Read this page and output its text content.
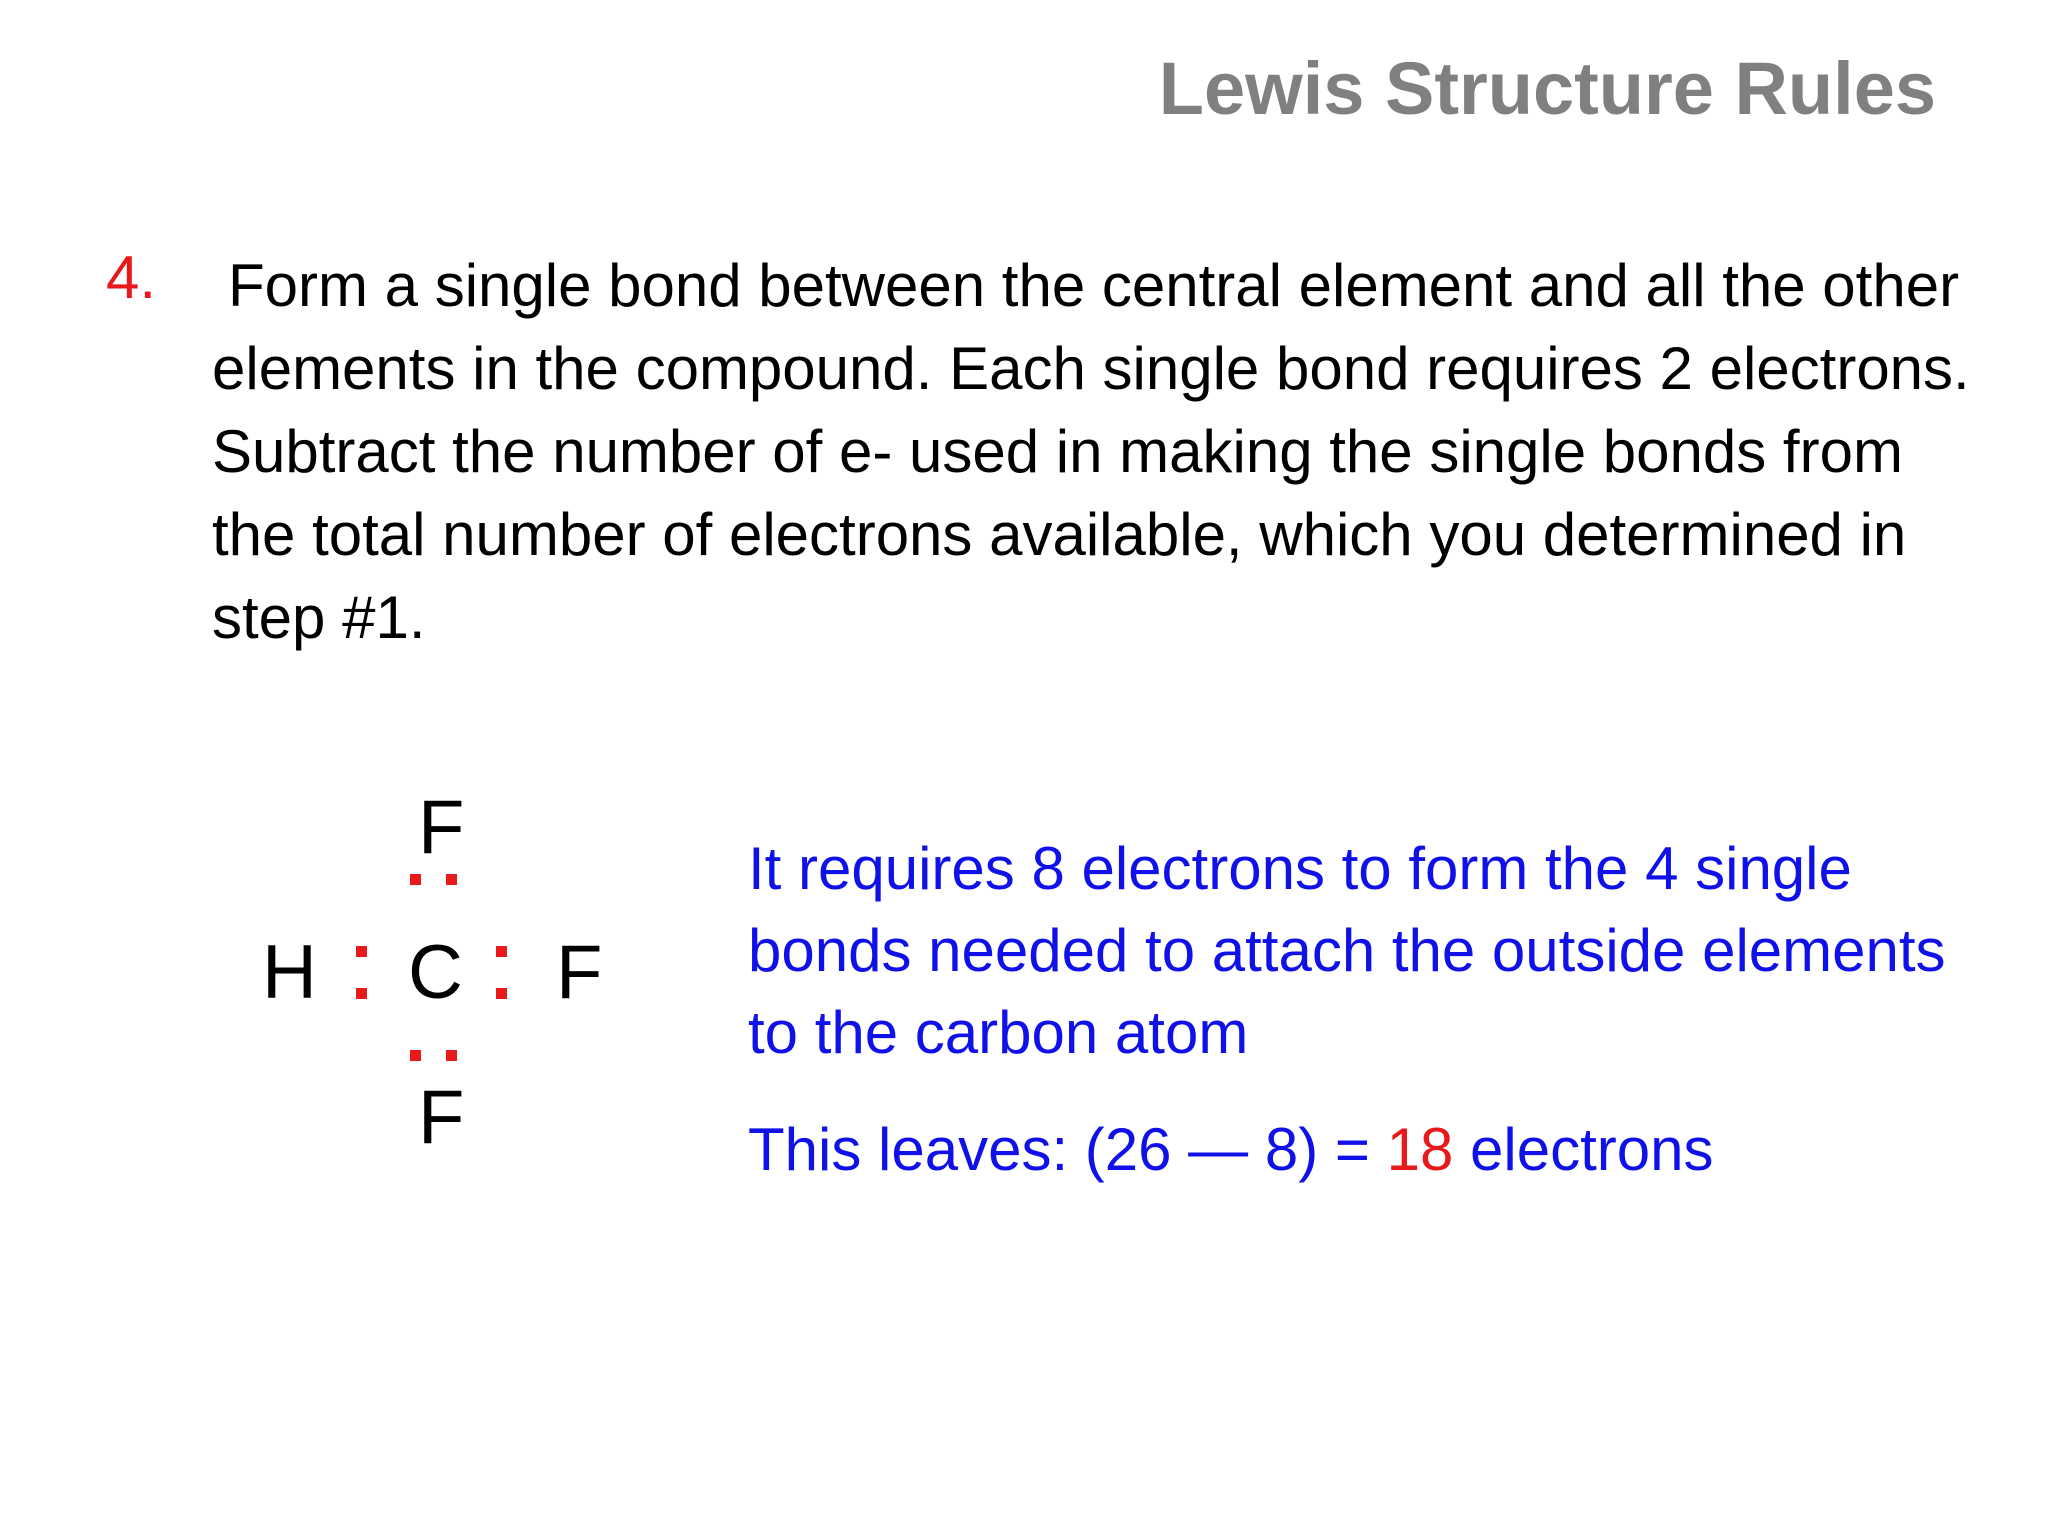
Lewis Structure Rules
4. Form a single bond between the central element and all the other elements in the compound. Each single bond requires 2 electrons. Subtract the number of e- used in making the single bonds from the total number of electrons available, which you determined in step #1.

F
H C F
F

It requires 8 electrons to form the 4 single bonds needed to attach the outside elements to the carbon atom

This leaves: (26 — 8) = 18 electrons
